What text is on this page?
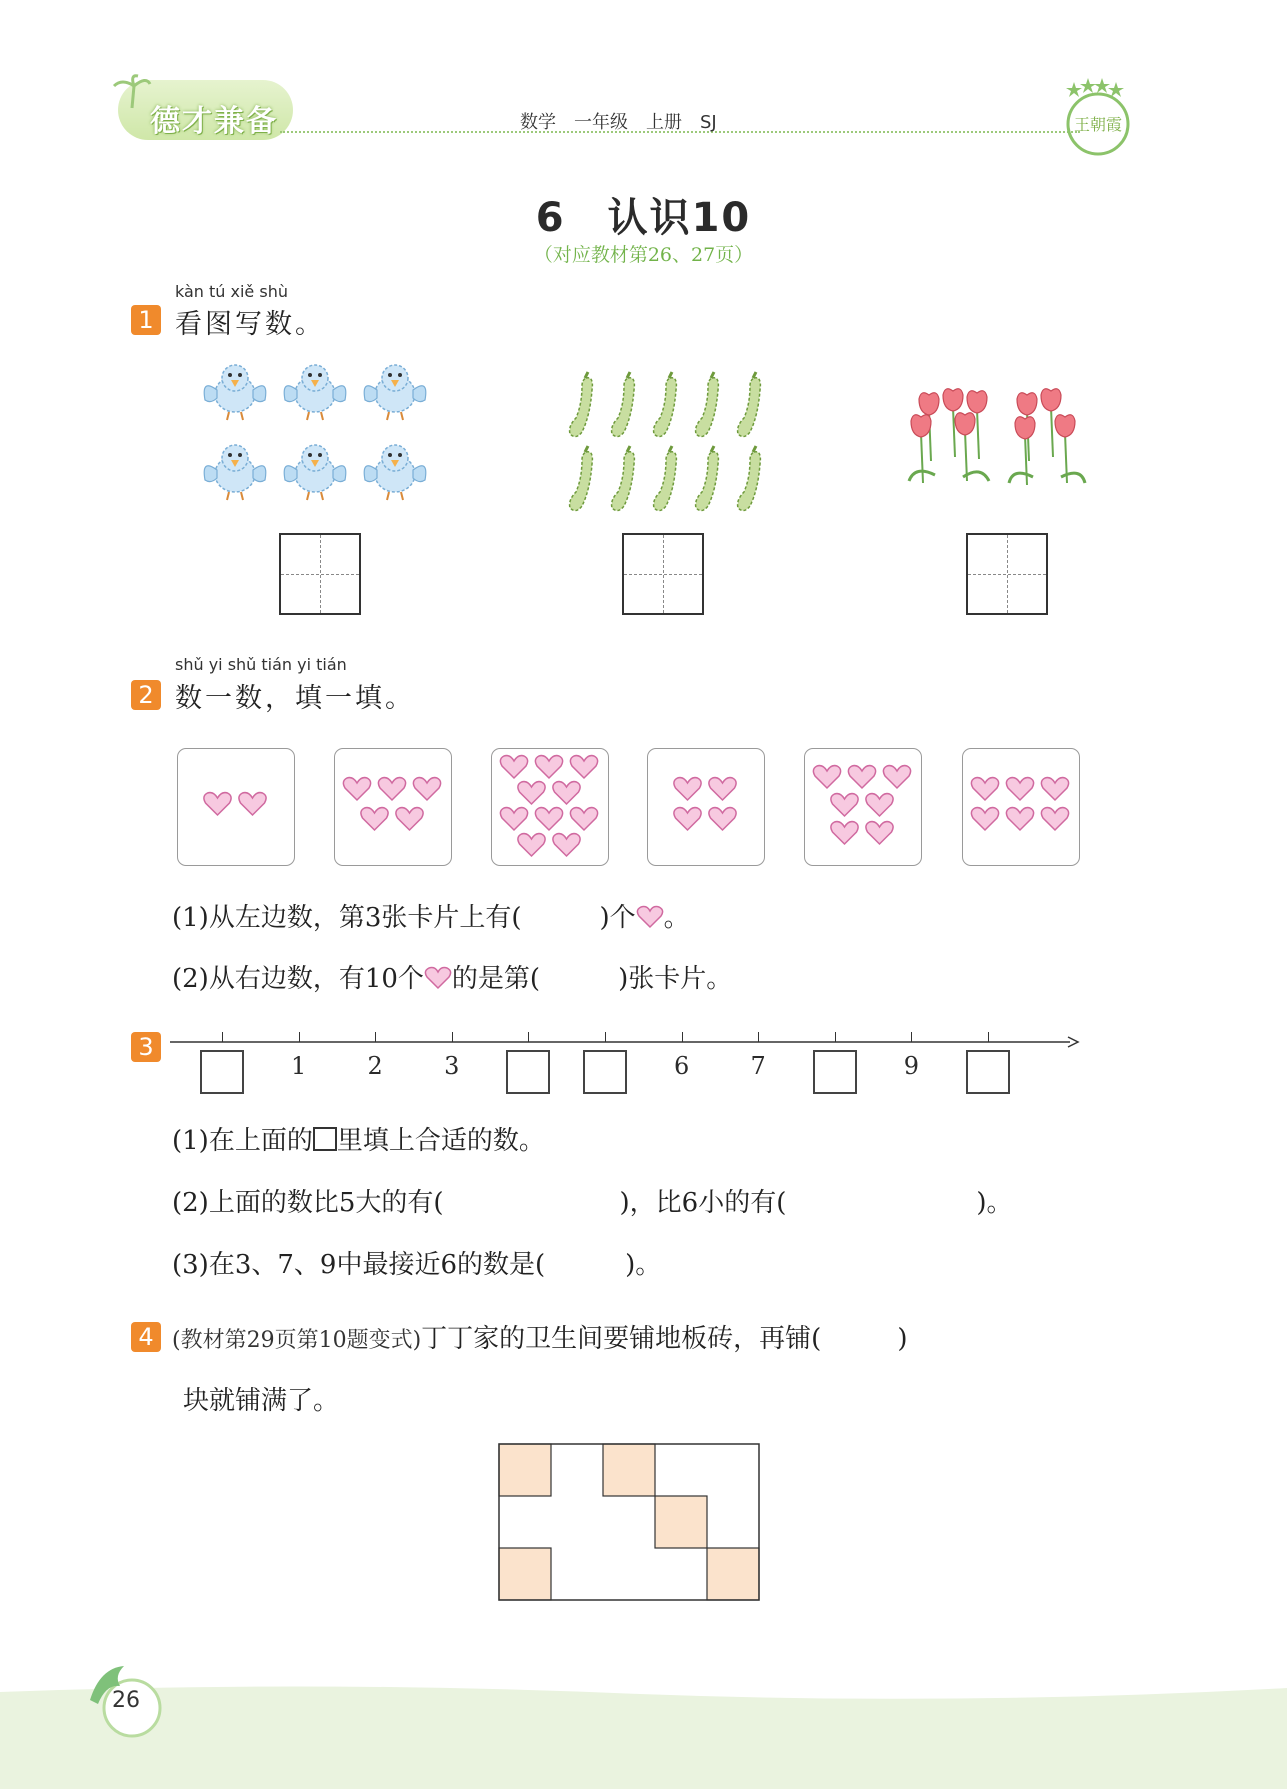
德才兼备	数学　一年级　上册　SJ	王朝霞
6　认识10
（对应教材第26、27页）
kàn tú xiě shù
1 看图写数。
shǔ yi shǔ tián yi tián
2 数一数，填一填。
(1)从左边数，第3张卡片上有(	)个 。
(2)从右边数，有10个 的是第(	)张卡片。
3
(1)在上面的 里填上合适的数。
(2)上面的数比5大的有(	)，比6小的有(	)。
(3)在3、7、9中最接近6的数是(	)。
4 (教材第29页第10题变式)丁丁家的卫生间要铺地板砖，再铺(	)
块就铺满了。
26
1	2	3	6	7	9
